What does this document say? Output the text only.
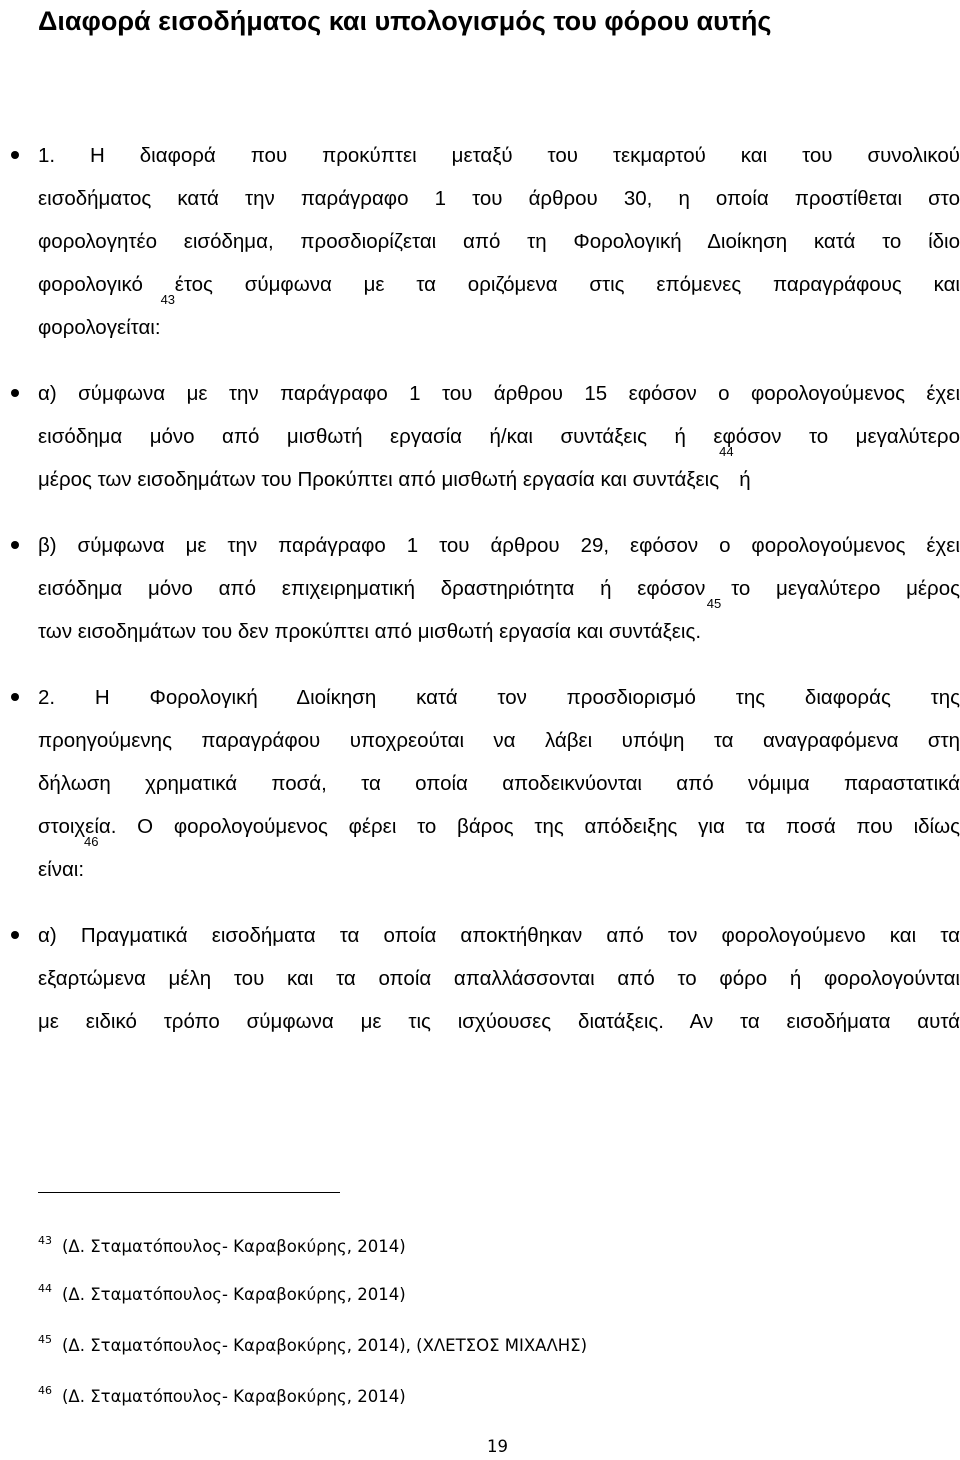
Διαφορά εισοδήματος και υπολογισμός του φόρου αυτής
1. Η διαφορά που προκύπτει μεταξύ του τεκμαρτού και του συνολικού
εισοδήματος κατά την παράγραφο 1 του άρθρου 30, η οποία προστίθεται στο
φορολογητέο εισόδημα, προσδιορίζεται από τη Φορολογική Διοίκηση κατά το ίδιο
φορολογικό έτος σύμφωνα με τα οριζόμενα στις επόμενες παραγράφους και
φορολογείται:$^{43}$
α) σύμφωνα με την παράγραφο 1 του άρθρου 15 εφόσον ο φορολογούμενος έχει
εισόδημα μόνο από μισθωτή εργασία ή/και συντάξεις ή εφόσον το μεγαλύτερο
μέρος των εισοδημάτων του Προκύπτει από μισθωτή εργασία και συντάξεις$^{44}$ ή
β) σύμφωνα με την παράγραφο 1 του άρθρου 29, εφόσον ο φορολογούμενος έχει
εισόδημα μόνο από επιχειρηματική δραστηριότητα ή εφόσον το μεγαλύτερο μέρος
των εισοδημάτων του δεν προκύπτει από μισθωτή εργασία και συντάξεις. $^{45}$
2. Η Φορολογική Διοίκηση κατά τον προσδιορισμό της διαφοράς της
προηγούμενης παραγράφου υποχρεούται να λάβει υπόψη τα αναγραφόμενα στη
δήλωση χρηματικά ποσά, τα οποία αποδεικνύονται από νόμιμα παραστατικά
στοιχεία. Ο φορολογούμενος φέρει το βάρος της απόδειξης για τα ποσά που ιδίως
είναι:$^{46}$
α) Πραγματικά εισοδήματα τα οποία αποκτήθηκαν από τον φορολογούμενο και τα
εξαρτώμενα μέλη του και τα οποία απαλλάσσονται από το φόρο ή φορολογούνται
με ειδικό τρόπο σύμφωνα με τις ισχύουσες διατάξεις. Αν τα εισοδήματα αυτά
43 (Δ. Σταματόπουλος- Καραβοκύρης, 2014)
44 (Δ. Σταματόπουλος- Καραβοκύρης, 2014)
45 (Δ. Σταματόπουλος- Καραβοκύρης, 2014), (ΧΛΕΤΣΟΣ ΜΙΧΑΛΗΣ)
46 (Δ. Σταματόπουλος- Καραβοκύρης, 2014)
19
